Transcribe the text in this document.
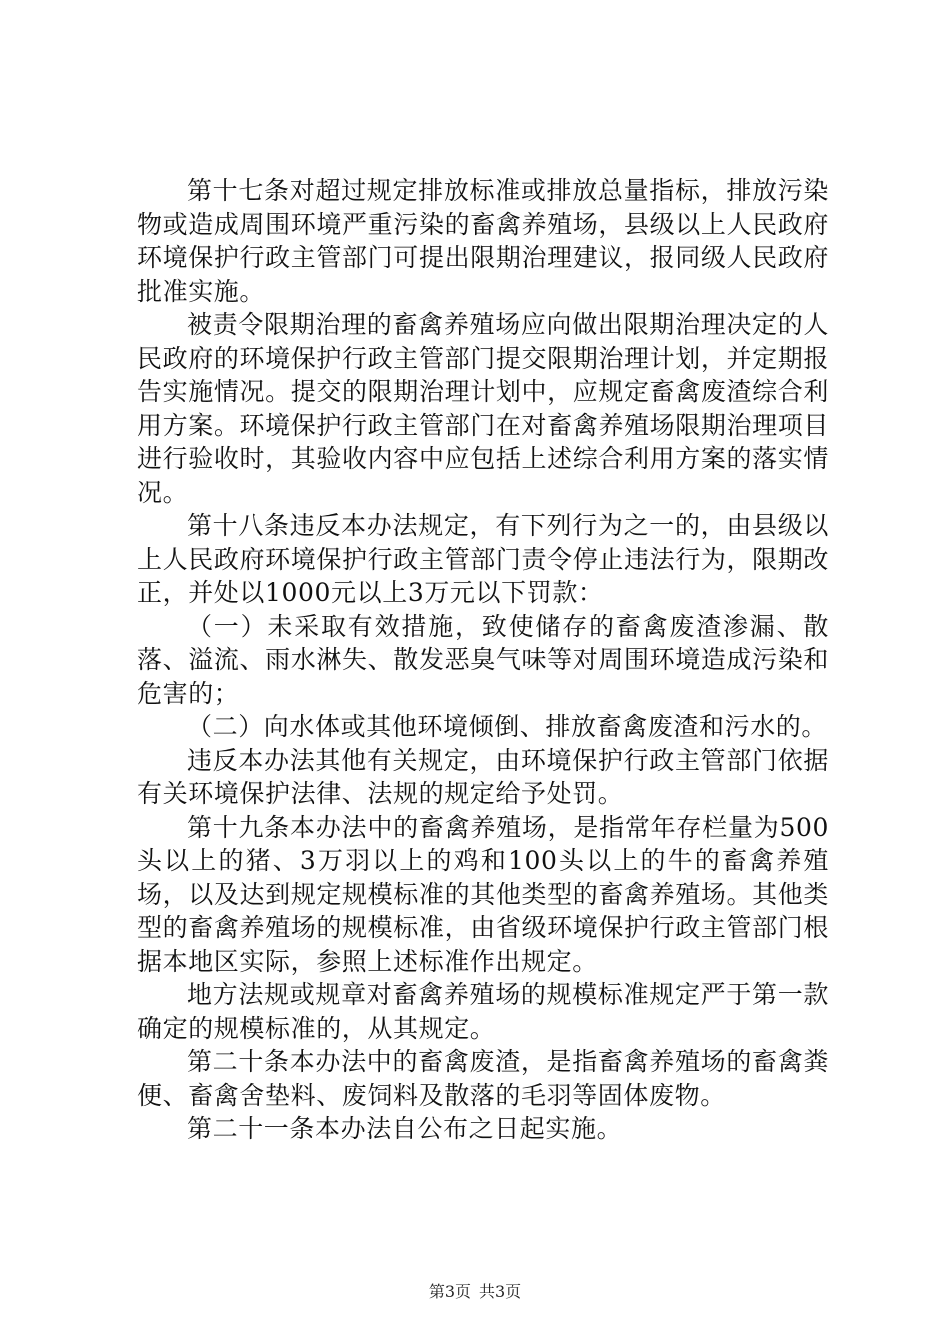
第十七条对超过规定排放标准或排放总量指标，排放污染物或造成周围环境严重污染的畜禽养殖场，县级以上人民政府环境保护行政主管部门可提出限期治理建议，报同级人民政府批准实施。

被责令限期治理的畜禽养殖场应向做出限期治理决定的人民政府的环境保护行政主管部门提交限期治理计划，并定期报告实施情况。提交的限期治理计划中，应规定畜禽废渣综合利用方案。环境保护行政主管部门在对畜禽养殖场限期治理项目进行验收时，其验收内容中应包括上述综合利用方案的落实情况。

第十八条违反本办法规定，有下列行为之一的，由县级以上人民政府环境保护行政主管部门责令停止违法行为，限期改正，并处以1000元以上3万元以下罚款：

（一）未采取有效措施，致使储存的畜禽废渣渗漏、散落、溢流、雨水淋失、散发恶臭气味等对周围环境造成污染和危害的；

（二）向水体或其他环境倾倒、排放畜禽废渣和污水的。

违反本办法其他有关规定，由环境保护行政主管部门依据有关环境保护法律、法规的规定给予处罚。

第十九条本办法中的畜禽养殖场，是指常年存栏量为500头以上的猪、3万羽以上的鸡和100头以上的牛的畜禽养殖场，以及达到规定规模标准的其他类型的畜禽养殖场。其他类型的畜禽养殖场的规模标准，由省级环境保护行政主管部门根据本地区实际，参照上述标准作出规定。

地方法规或规章对畜禽养殖场的规模标准规定严于第一款确定的规模标准的，从其规定。

第二十条本办法中的畜禽废渣，是指畜禽养殖场的畜禽粪便、畜禽舍垫料、废饲料及散落的毛羽等固体废物。

第二十一条本办法自公布之日起实施。

第3页 共3页
